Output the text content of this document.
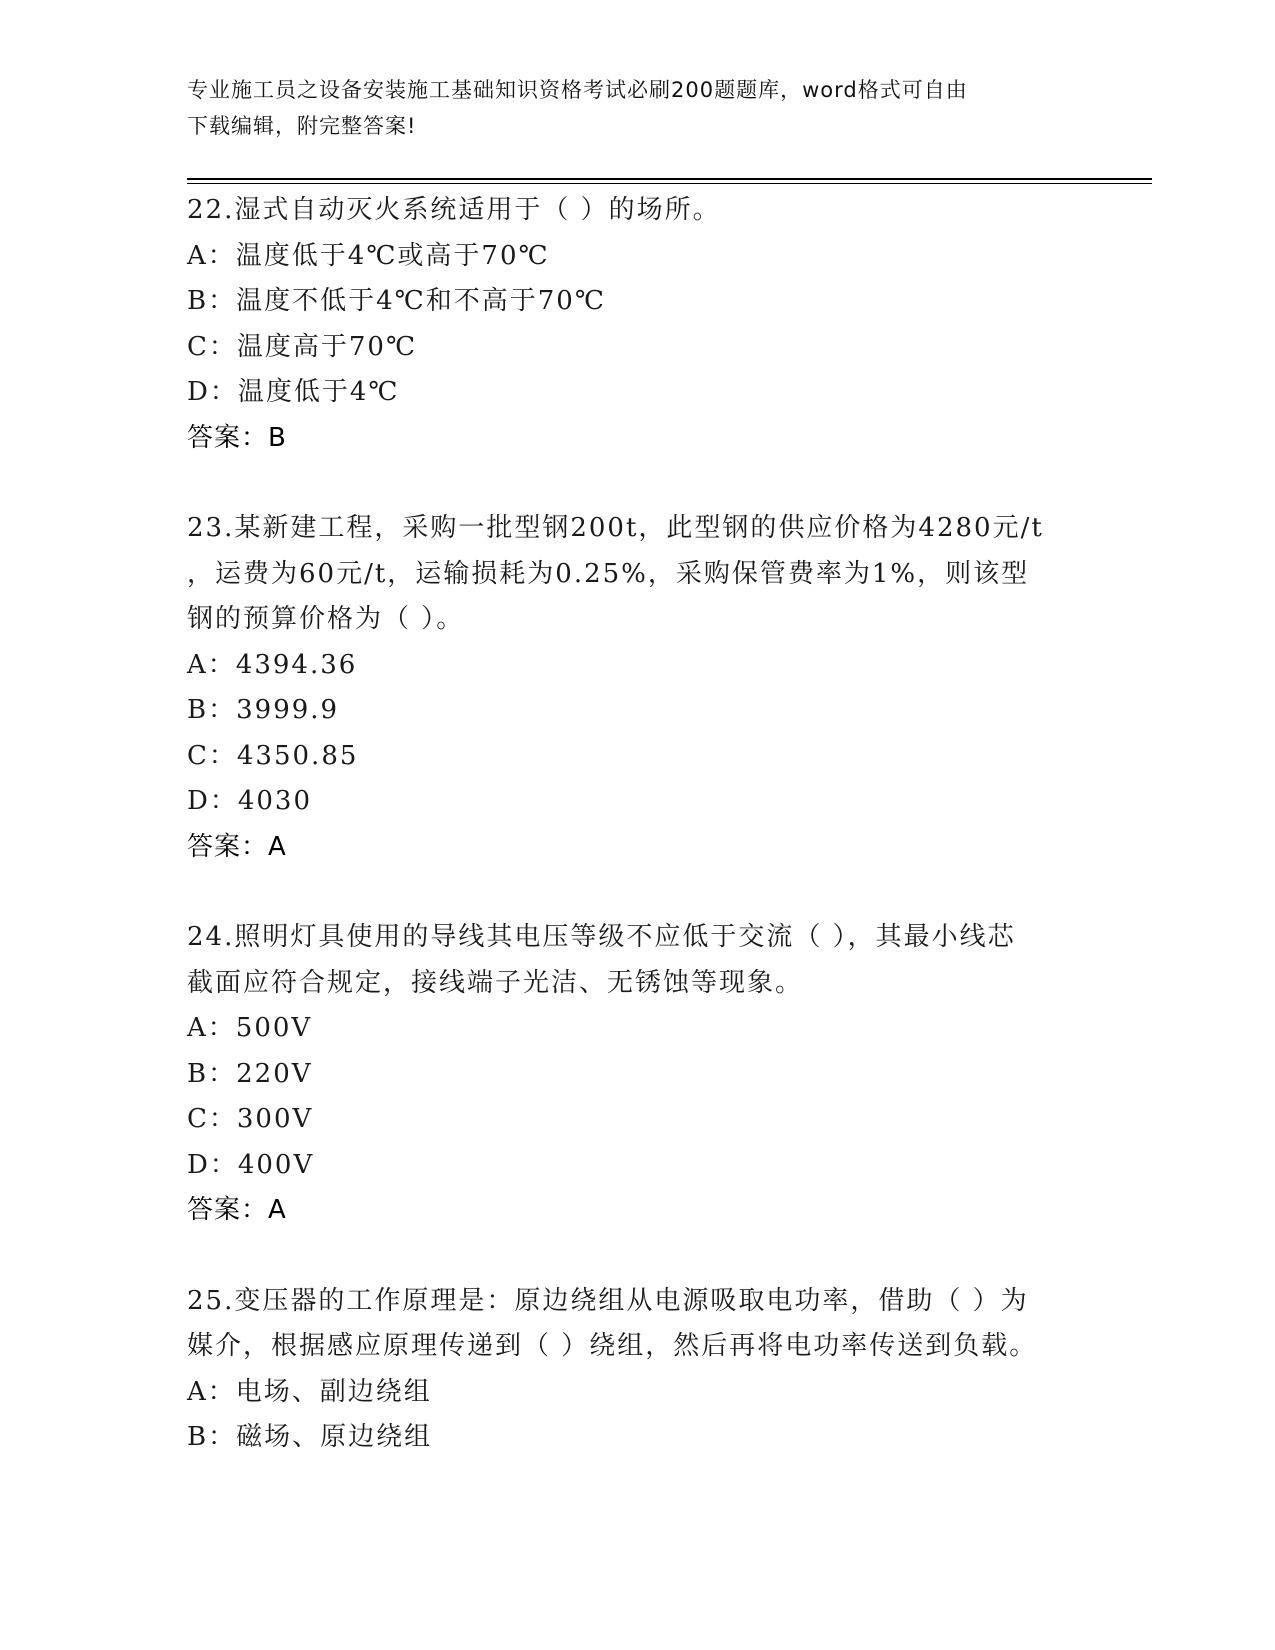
专业施工员之设备安装施工基础知识资格考试必刷200题题库，word格式可自由
下载编辑，附完整答案!

22.湿式自动灭火系统适用于（ ）的场所。

A：温度低于4℃或高于70℃

B：温度不低于4℃和不高于70℃

C：温度高于70℃

D：温度低于4℃

答案：B

23.某新建工程，采购一批型钢200t，此型钢的供应价格为4280元/t

，运费为60元/t，运输损耗为0.25%，采购保管费率为1%，则该型

钢的预算价格为（ ）。

A：4394.36

B：3999.9

C：4350.85

D：4030

答案：A

24.照明灯具使用的导线其电压等级不应低于交流（ ），其最小线芯

截面应符合规定，接线端子光洁、无锈蚀等现象。

A：500V

B：220V

C：300V

D：400V

答案：A

25.变压器的工作原理是：原边绕组从电源吸取电功率，借助（ ）为

媒介，根据感应原理传递到（ ）绕组，然后再将电功率传送到负载。

A：电场、副边绕组

B：磁场、原边绕组
